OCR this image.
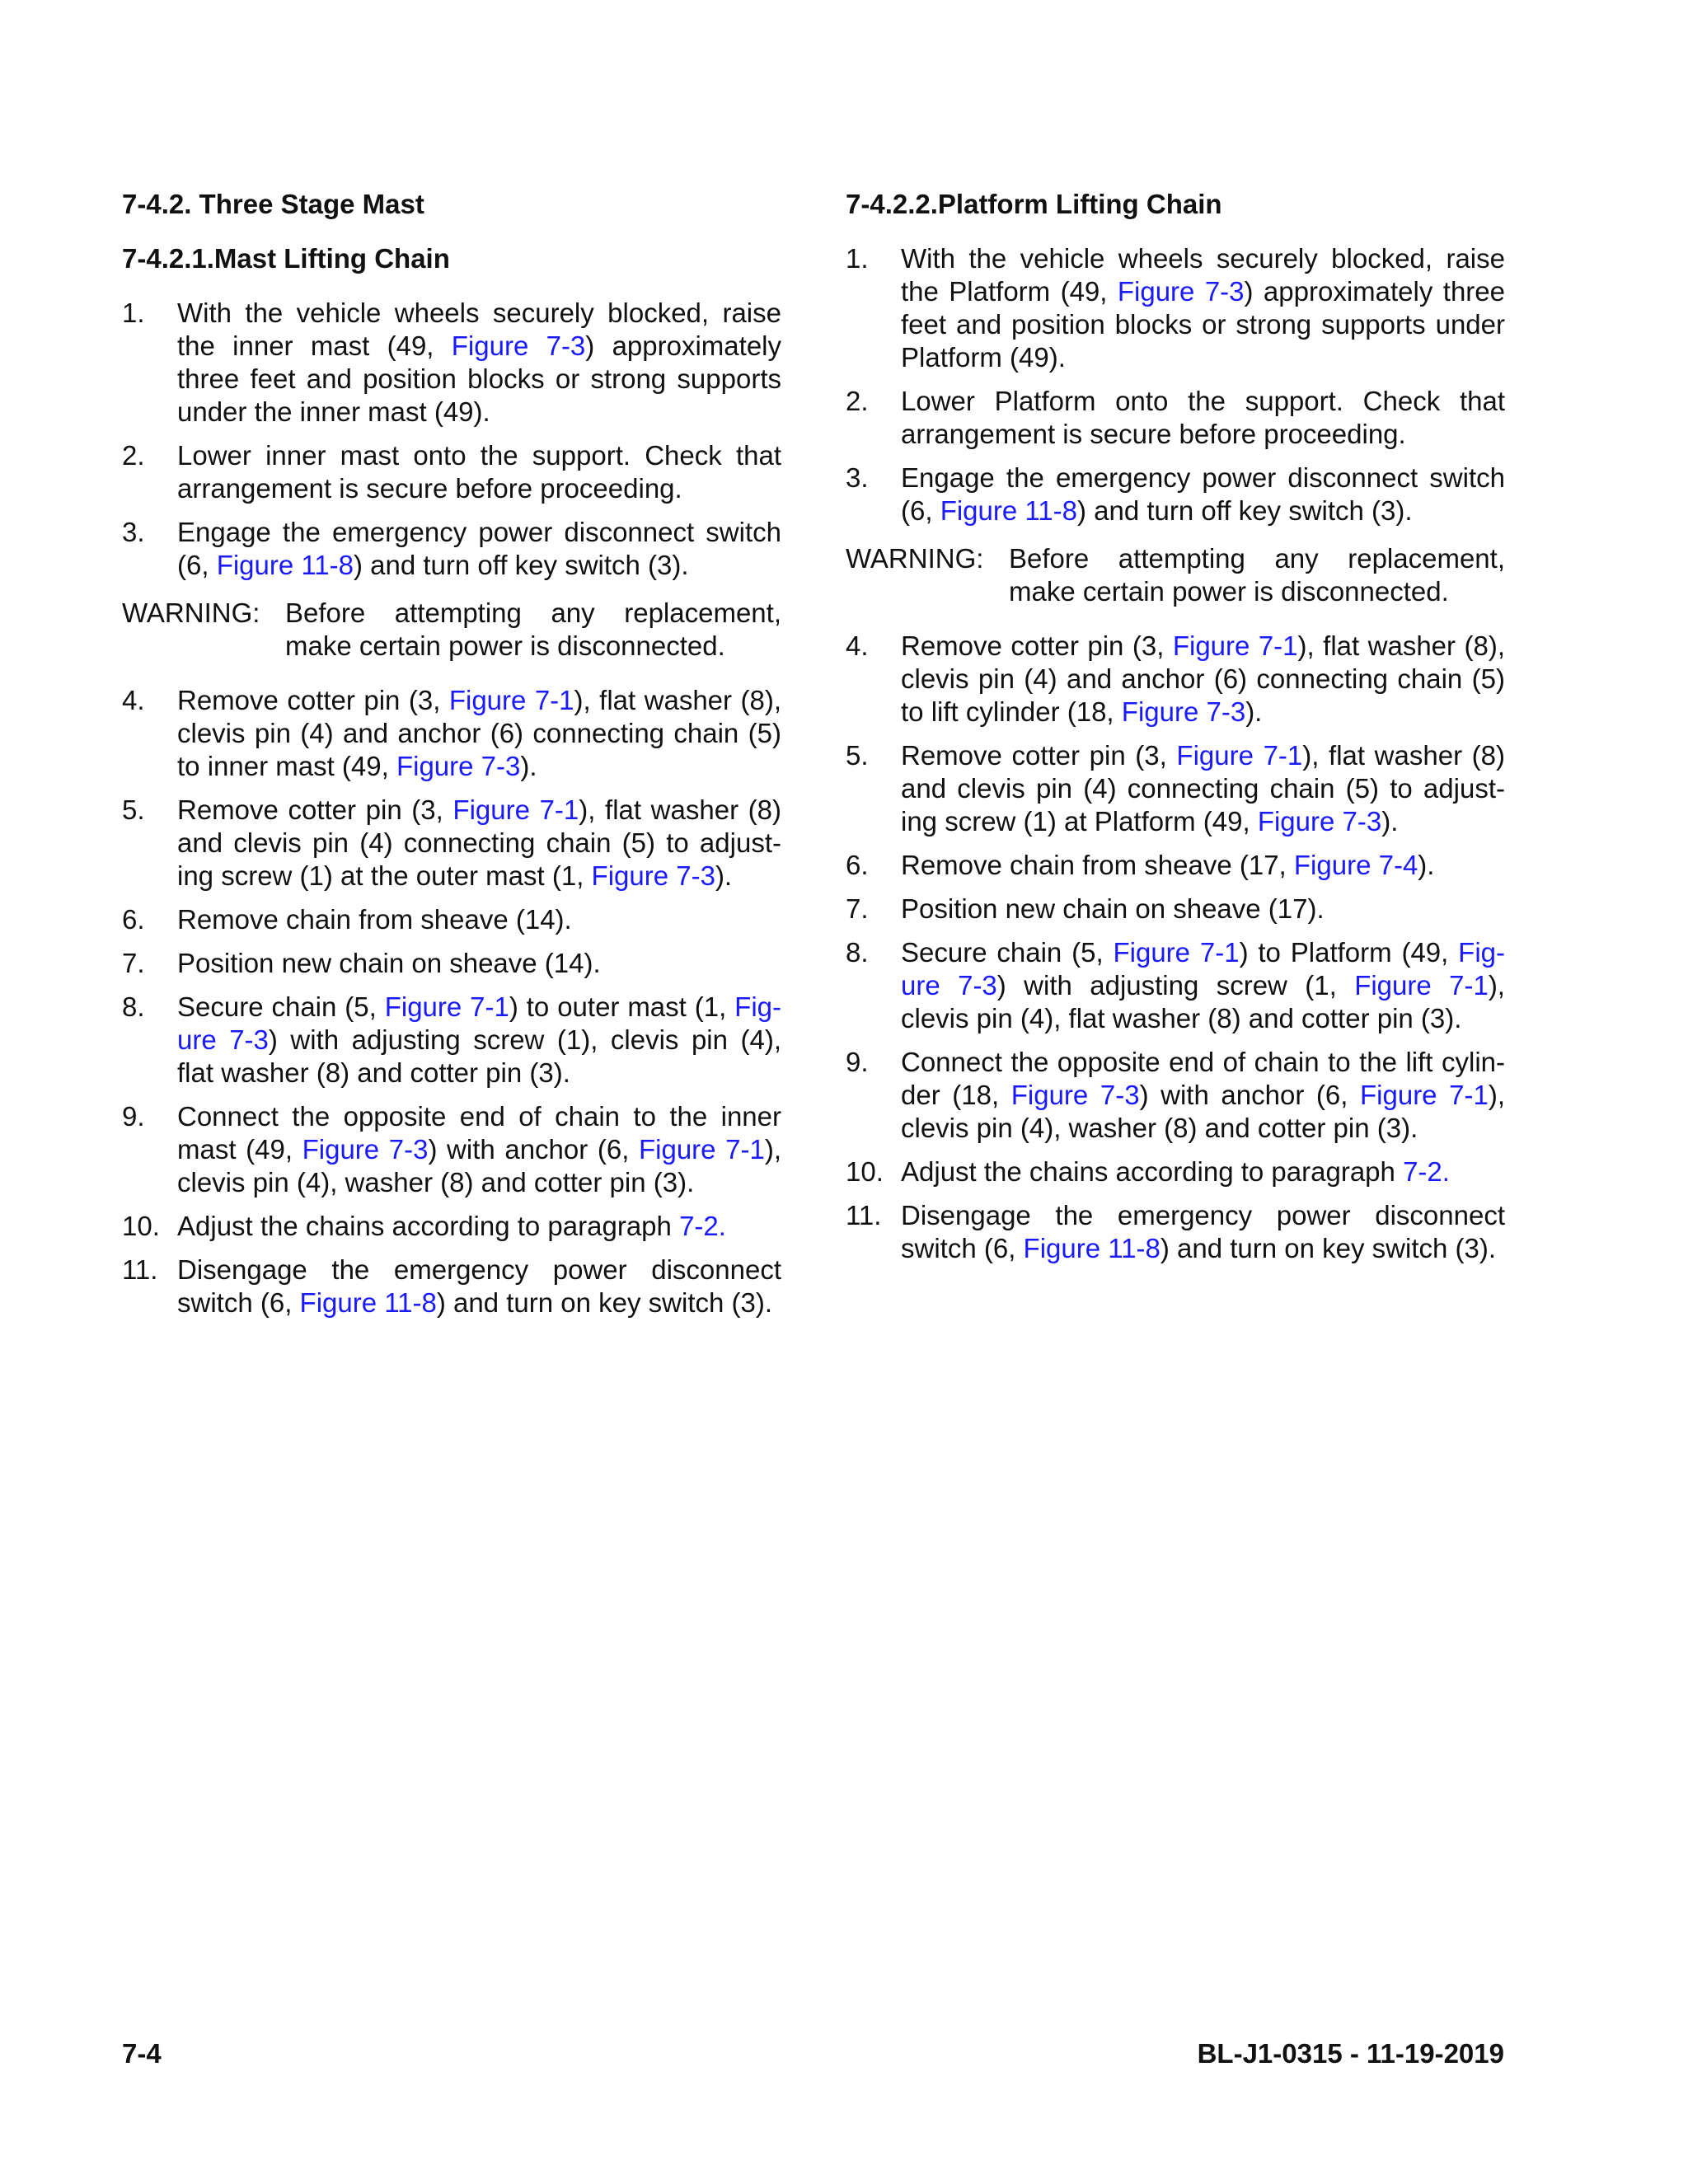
7-4.2. Three Stage Mast
7-4.2.1.Mast Lifting Chain
1. With the vehicle wheels securely blocked, raise the inner mast (49, Figure 7-3) approximately three feet and position blocks or strong supports under the inner mast (49).
2. Lower inner mast onto the support. Check that arrangement is secure before proceeding.
3. Engage the emergency power disconnect switch (6, Figure 11-8) and turn off key switch (3).
WARNING: Before attempting any replacement, make certain power is disconnected.
4. Remove cotter pin (3, Figure 7-1), flat washer (8), clevis pin (4) and anchor (6) connecting chain (5) to inner mast (49, Figure 7-3).
5. Remove cotter pin (3, Figure 7-1), flat washer (8) and clevis pin (4) connecting chain (5) to adjusting screw (1) at the outer mast (1, Figure 7-3).
6. Remove chain from sheave (14).
7. Position new chain on sheave (14).
8. Secure chain (5, Figure 7-1) to outer mast (1, Figure 7-3) with adjusting screw (1), clevis pin (4), flat washer (8) and cotter pin (3).
9. Connect the opposite end of chain to the inner mast (49, Figure 7-3) with anchor (6, Figure 7-1), clevis pin (4), washer (8) and cotter pin (3).
10. Adjust the chains according to paragraph 7-2.
11. Disengage the emergency power disconnect switch (6, Figure 11-8) and turn on key switch (3).
7-4.2.2.Platform Lifting Chain
1. With the vehicle wheels securely blocked, raise the Platform (49, Figure 7-3) approximately three feet and position blocks or strong supports under Platform (49).
2. Lower Platform onto the support. Check that arrangement is secure before proceeding.
3. Engage the emergency power disconnect switch (6, Figure 11-8) and turn off key switch (3).
WARNING: Before attempting any replacement, make certain power is disconnected.
4. Remove cotter pin (3, Figure 7-1), flat washer (8), clevis pin (4) and anchor (6) connecting chain (5) to lift cylinder (18, Figure 7-3).
5. Remove cotter pin (3, Figure 7-1), flat washer (8) and clevis pin (4) connecting chain (5) to adjusting screw (1) at Platform (49, Figure 7-3).
6. Remove chain from sheave (17, Figure 7-4).
7. Position new chain on sheave (17).
8. Secure chain (5, Figure 7-1) to Platform (49, Figure 7-3) with adjusting screw (1, Figure 7-1), clevis pin (4), flat washer (8) and cotter pin (3).
9. Connect the opposite end of chain to the lift cylinder (18, Figure 7-3) with anchor (6, Figure 7-1), clevis pin (4), washer (8) and cotter pin (3).
10. Adjust the chains according to paragraph 7-2.
11. Disengage the emergency power disconnect switch (6, Figure 11-8) and turn on key switch (3).
7-4	BL-J1-0315 - 11-19-2019
